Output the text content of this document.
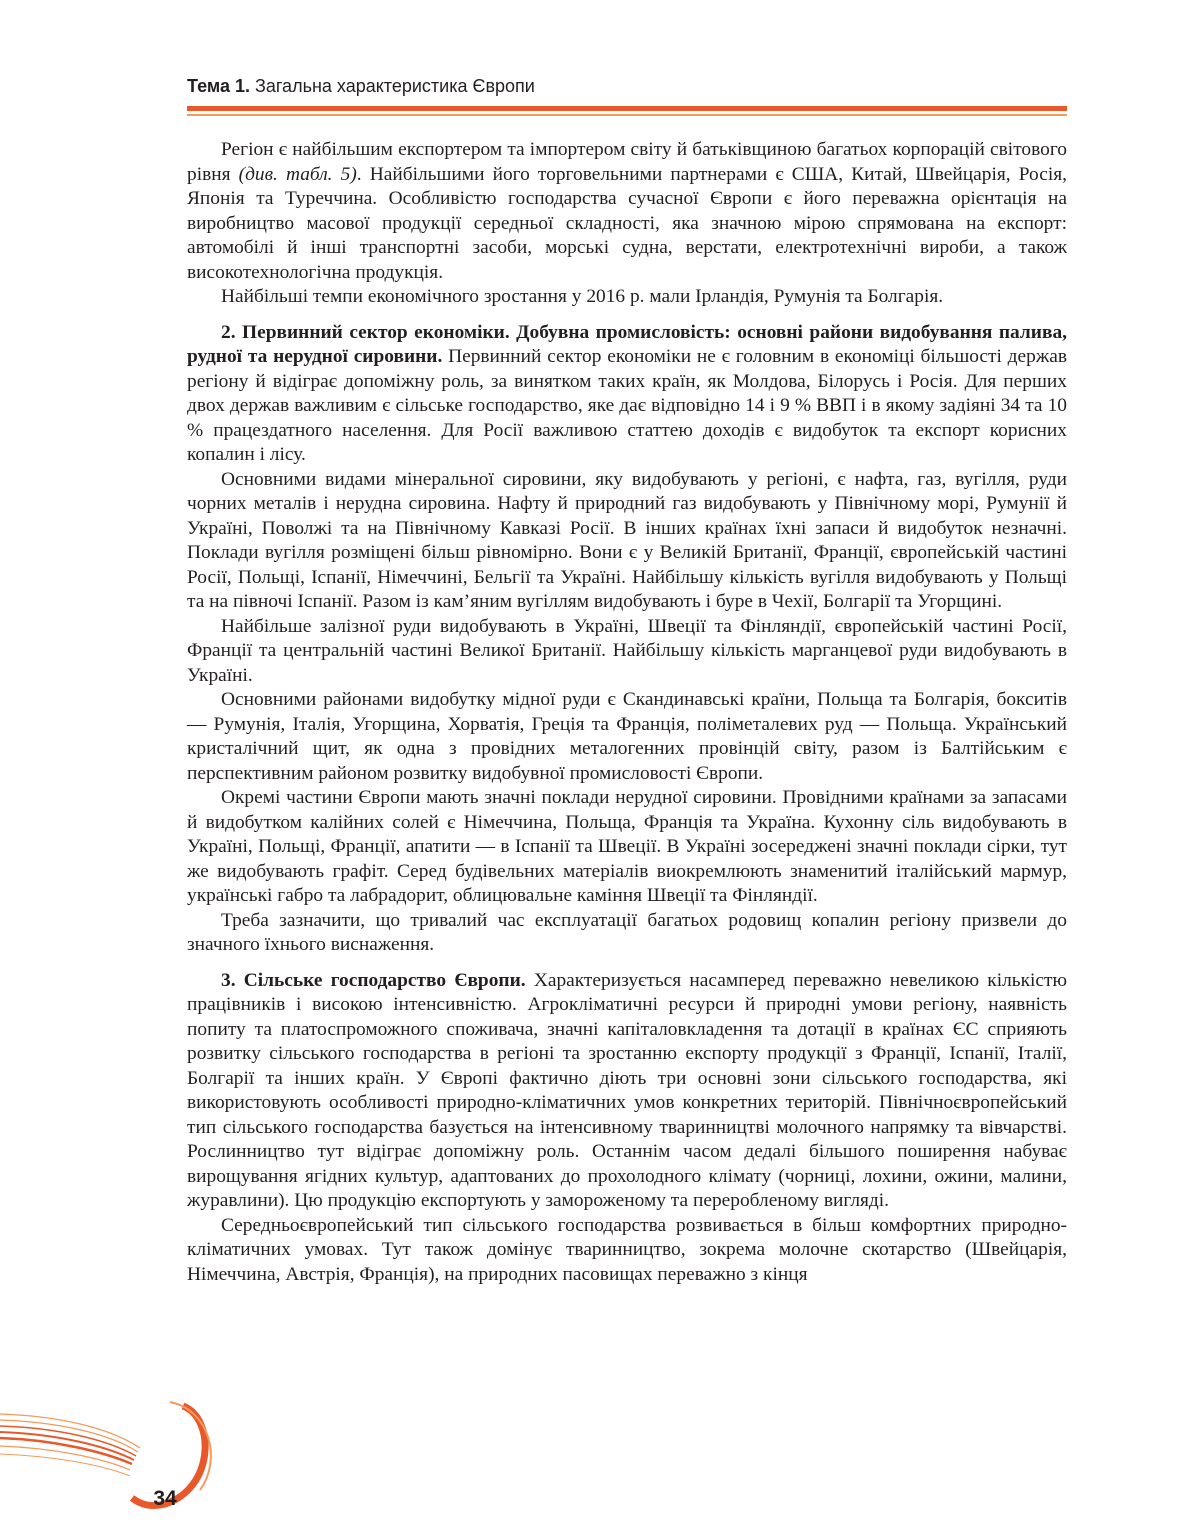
Тема 1. Загальна характеристика Європи

Регіон є найбільшим експортером та імпортером світу й батьківщиною багатьох корпорацій світового рівня (див. табл. 5). Найбільшими його торговельними партнерами є США, Китай, Швейцарія, Росія, Японія та Туреччина. Особливістю господарства сучасної Європи є його переважна орієнтація на виробництво масової продукції середньої складності, яка значною мірою спрямована на експорт: автомобілі й інші транспортні засоби, морські судна, верстати, електротехнічні вироби, а також високотехнологічна продукція.

Найбільші темпи економічного зростання у 2016 р. мали Ірландія, Румунія та Болгарія.

2. Первинний сектор економіки. Добувна промисловість: основні райони видобування палива, рудної та нерудної сировини. Первинний сектор економіки не є головним в економіці більшості держав регіону й відіграє допоміжну роль, за винятком таких країн, як Молдова, Білорусь і Росія. Для перших двох держав важливим є сільське господарство, яке дає відповідно 14 і 9 % ВВП і в якому задіяні 34 та 10 % працездатного населення. Для Росії важливою статтею доходів є видобуток та експорт корисних копалин і лісу.

Основними видами мінеральної сировини, яку видобувають у регіоні, є нафта, газ, вугілля, руди чорних металів і нерудна сировина. Нафту й природний газ видобувають у Північному морі, Румунії й Україні, Поволжі та на Північному Кавказі Росії. В інших країнах їхні запаси й видобуток незначні. Поклади вугілля розміщені більш рівномірно. Вони є у Великій Британії, Франції, європейській частині Росії, Польщі, Іспанії, Німеччині, Бельгії та Україні. Найбільшу кількість вугілля видобувають у Польщі та на півночі Іспанії. Разом із кам’яним вугіллям видобувають і буре в Чехії, Болгарії та Угорщині.

Найбільше залізної руди видобувають в Україні, Швеції та Фінляндії, європейській частині Росії, Франції та центральній частині Великої Британії. Найбільшу кількість марганцевої руди видобувають в Україні.

Основними районами видобутку мідної руди є Скандинавські країни, Польща та Болгарія, бокситів — Румунія, Італія, Угорщина, Хорватія, Греція та Франція, поліметалевих руд — Польща. Український кристалічний щит, як одна з провідних металогенних провінцій світу, разом із Балтійським є перспективним районом розвитку видобувної промисловості Європи.

Окремі частини Європи мають значні поклади нерудної сировини. Провідними країнами за запасами й видобутком калійних солей є Німеччина, Польща, Франція та Україна. Кухонну сіль видобувають в Україні, Польщі, Франції, апатити — в Іспанії та Швеції. В Україні зосереджені значні поклади сірки, тут же видобувають графіт. Серед будівельних матеріалів виокремлюють знаменитий італійський мармур, українські габро та лабрадорит, облицювальне каміння Швеції та Фінляндії.

Треба зазначити, що тривалий час експлуатації багатьох родовищ копалин регіону призвели до значного їхнього виснаження.

3. Сільське господарство Європи. Характеризується насамперед переважно невеликою кількістю працівників і високою інтенсивністю. Агрокліматичні ресурси й природні умови регіону, наявність попиту та платоспроможного споживача, значні капіталовкладення та дотації в країнах ЄС сприяють розвитку сільського господарства в регіоні та зростанню експорту продукції з Франції, Іспанії, Італії, Болгарії та інших країн. У Європі фактично діють три основні зони сільського господарства, які використовують особливості природно-кліматичних умов конкретних територій. Північноєвропейський тип сільського господарства базується на інтенсивному тваринництві молочного напрямку та вівчарстві. Рослинництво тут відіграє допоміжну роль. Останнім часом дедалі більшого поширення набуває вирощування ягідних культур, адаптованих до прохолодного клімату (чорниці, лохини, ожини, малини, журавлини). Цю продукцію експортують у замороженому та переробленому вигляді.

Середньоєвропейський тип сільського господарства розвивається в більш комфортних природно-кліматичних умовах. Тут також домінує тваринництво, зокрема молочне скотарство (Швейцарія, Німеччина, Австрія, Франція), на природних пасовищах переважно з кінця

34
